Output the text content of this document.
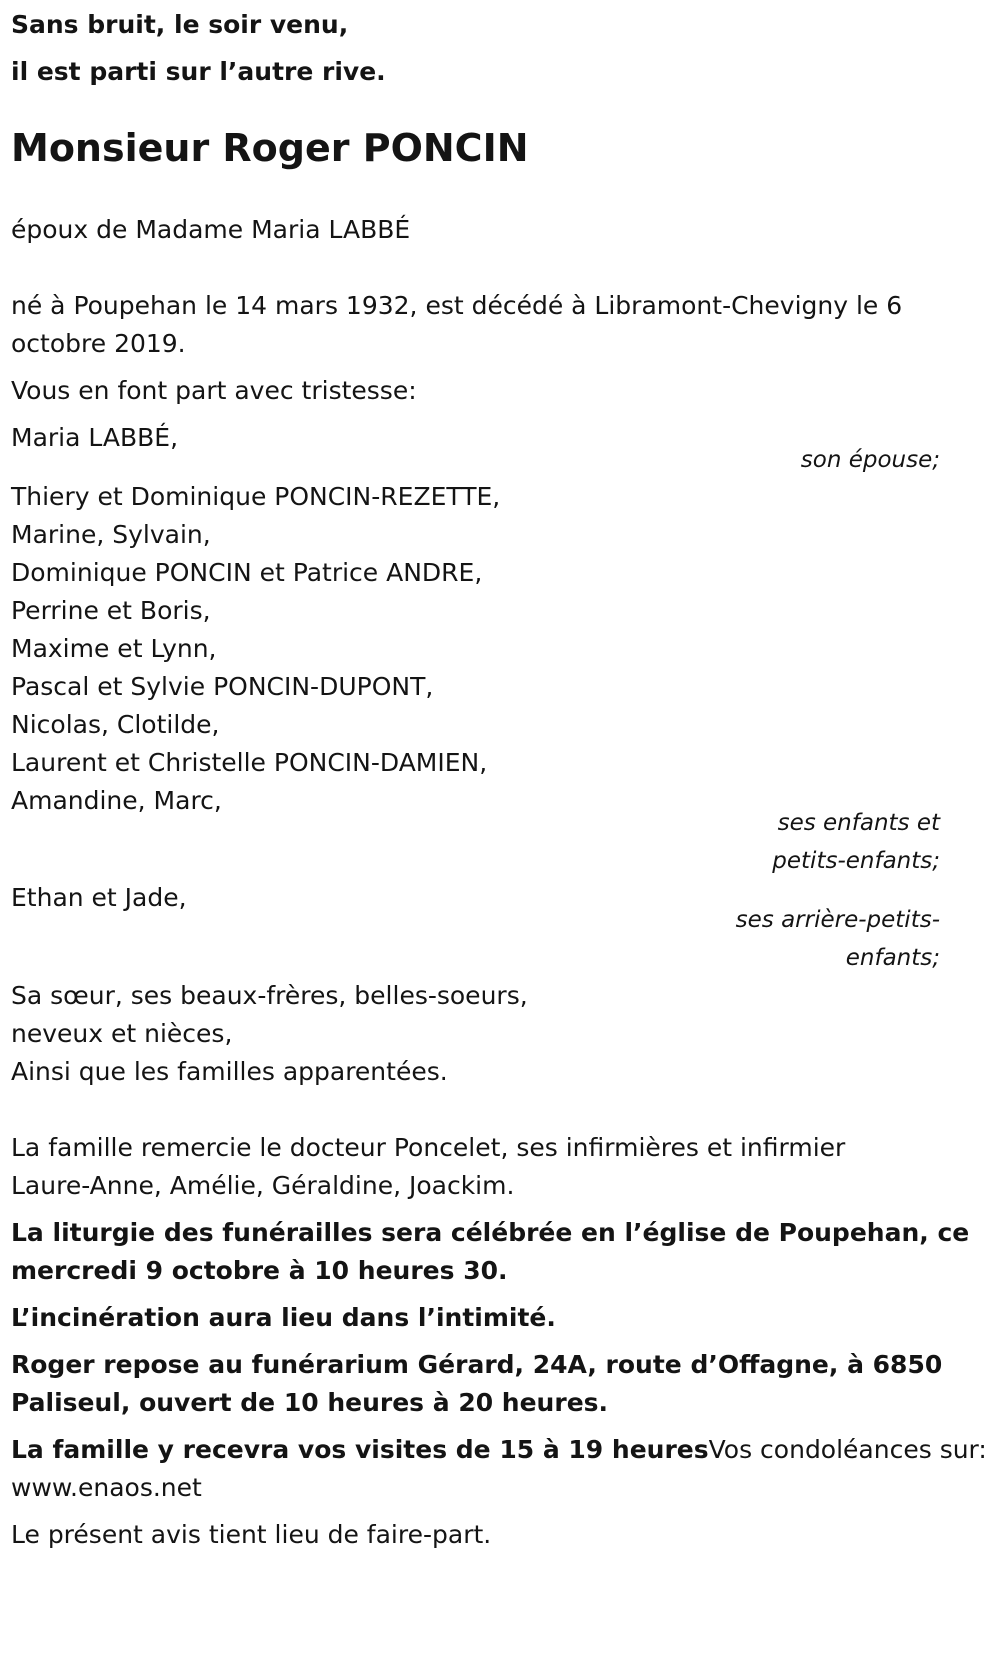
Sans bruit, le soir venu,

il est parti sur l’autre rive.

Monsieur Roger PONCIN

époux de Madame Maria LABBÉ

né à Poupehan le 14 mars 1932, est décédé à Libramont-Chevigny le 6

octobre 2019.

Vous en font part avec tristesse:

Maria LABBÉ,

son épouse;

Thiery et Dominique PONCIN-REZETTE,

Marine, Sylvain,

Dominique PONCIN et Patrice ANDRE,

Perrine et Boris,

Maxime et Lynn,

Pascal et Sylvie PONCIN-DUPONT,

Nicolas, Clotilde,

Laurent et Christelle PONCIN-DAMIEN,

Amandine, Marc,

ses enfants et

petits-enfants;

Ethan et Jade,

ses arrière-petits-

enfants;

Sa sœur, ses beaux-frères, belles-soeurs,

neveux et nièces,

Ainsi que les familles apparentées.

La famille remercie le docteur Poncelet, ses infirmières et infirmier

Laure-Anne, Amélie, Géraldine, Joackim.

La liturgie des funérailles sera célébrée en l’église de Poupehan, ce

mercredi 9 octobre à 10 heures 30.

L’incinération aura lieu dans l’intimité.

Roger repose au funérarium Gérard, 24A, route d’Offagne, à 6850

Paliseul, ouvert de 10 heures à 20 heures.

La famille y recevra vos visites de 15 à 19 heuresVos condoléances sur:

www.enaos.net

Le présent avis tient lieu de faire-part.
